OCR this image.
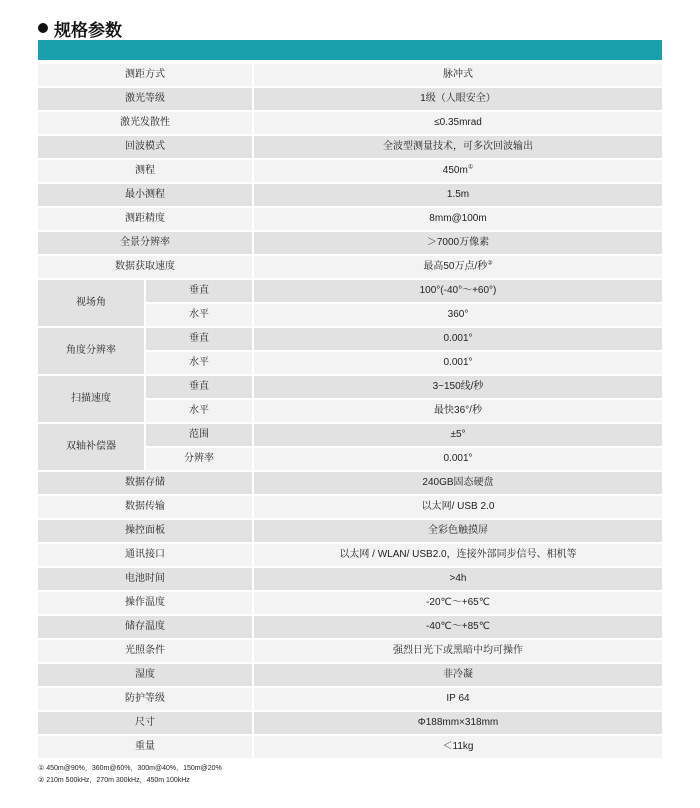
规格参数
测距方式		脉冲式
激光等级		1级（人眼安全）
激光发散性		≤0.35mrad
回波模式		全波型测量技术，可多次回波输出
测程		450m①
最小测程		1.5m
测距精度		8mm@100m
全景分辨率		＞7000万像素
数据获取速度		最高50万点/秒②
视场角	垂直	100°(-40°～+60°)
	水平	360°
角度分辨率	垂直	0.001°
	水平	0.001°
扫描速度	垂直	3~150线/秒
	水平	最快36°/秒
双轴补偿器	范围	±5°
	分辨率	0.001°
数据存储		240GB固态硬盘
数据传输		以太网/ USB 2.0
操控面板		全彩色触摸屏
通讯接口		以太网 / WLAN/ USB2.0，连接外部同步信号、相机等
电池时间		>4h
操作温度		-20℃～+65℃
储存温度		-40℃～+85℃
光照条件		强烈日光下或黑暗中均可操作
湿度		非冷凝
防护等级		IP 64
尺寸		Φ188mm×318mm
重量		＜11kg
① 450m@90%，360m@60%，300m@40%，150m@20%
② 210m 500kHz，270m 300kHz，450m 100kHz
